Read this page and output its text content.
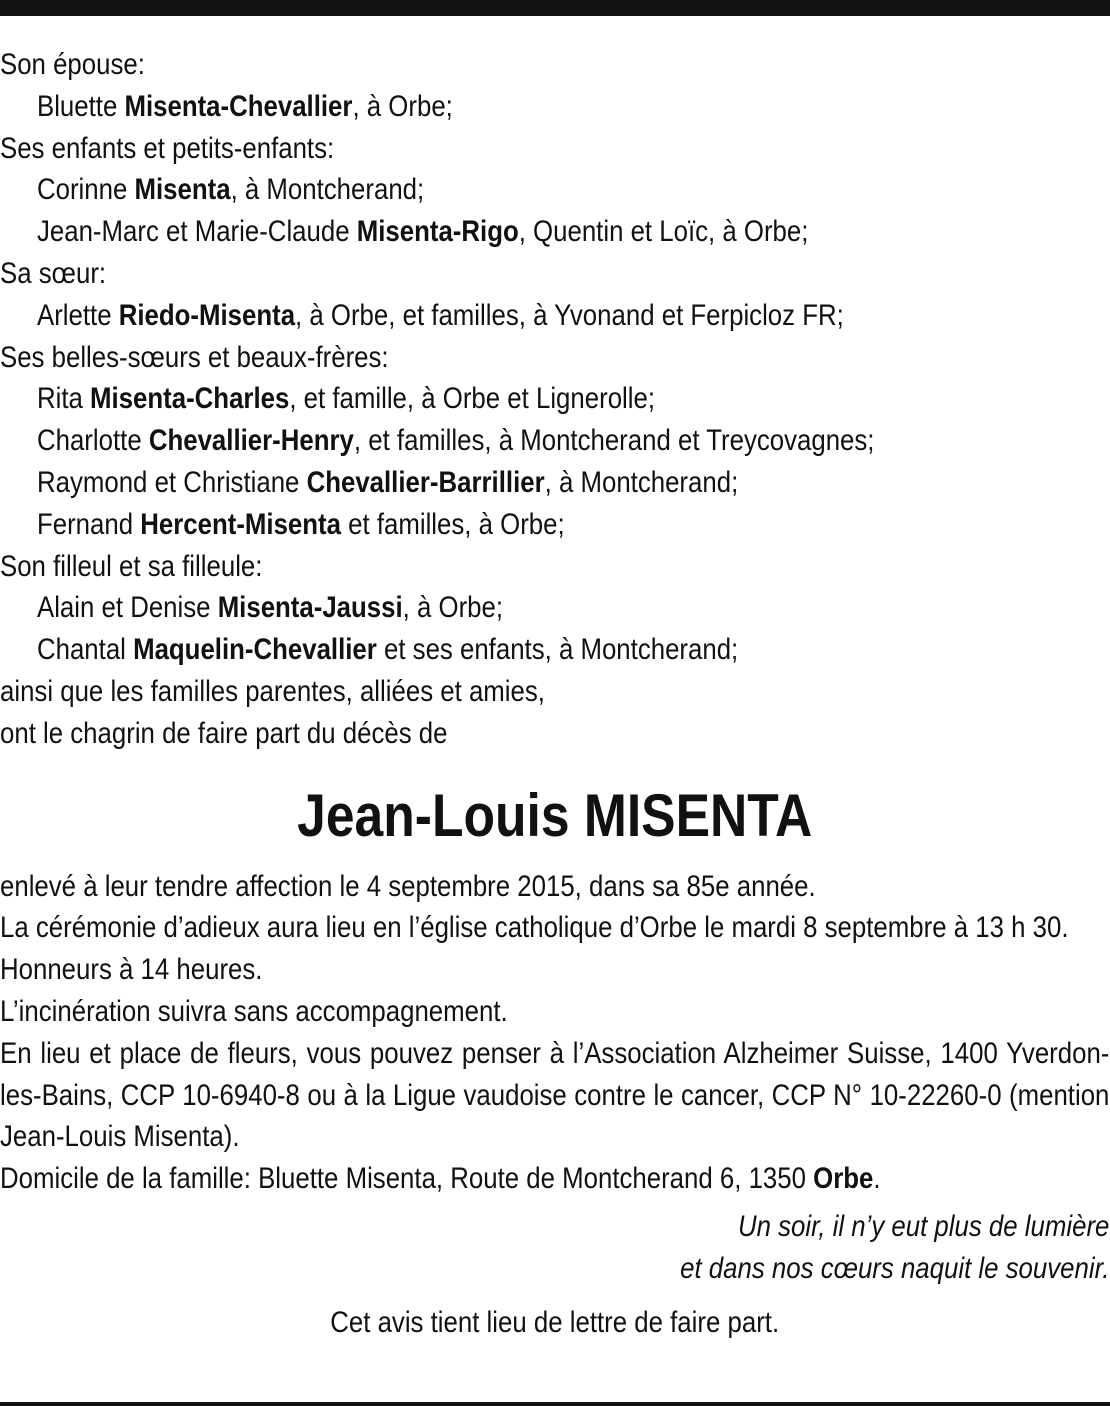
Son épouse:
Bluette Misenta-Chevallier, à Orbe;
Ses enfants et petits-enfants:
Corinne Misenta, à Montcherand;
Jean-Marc et Marie-Claude Misenta-Rigo, Quentin et Loïc, à Orbe;
Sa sœur:
Arlette Riedo-Misenta, à Orbe, et familles, à Yvonand et Ferpicloz FR;
Ses belles-sœurs et beaux-frères:
Rita Misenta-Charles, et famille, à Orbe et Lignerolle;
Charlotte Chevallier-Henry, et familles, à Montcherand et Treycovagnes;
Raymond et Christiane Chevallier-Barrillier, à Montcherand;
Fernand Hercent-Misenta et familles, à Orbe;
Son filleul et sa filleule:
Alain et Denise Misenta-Jaussi, à Orbe;
Chantal Maquelin-Chevallier et ses enfants, à Montcherand;
ainsi que les familles parentes, alliées et amies,
ont le chagrin de faire part du décès de
Jean-Louis MISENTA
enlevé à leur tendre affection le 4 septembre 2015, dans sa 85e année.
La cérémonie d’adieux aura lieu en l’église catholique d’Orbe le mardi 8 septembre à 13 h 30.
Honneurs à 14 heures.
L’incinération suivra sans accompagnement.
En lieu et place de fleurs, vous pouvez penser à l’Association Alzheimer Suisse, 1400 Yverdon-les-Bains, CCP 10-6940-8 ou à la Ligue vaudoise contre le cancer, CCP N° 10-22260-0 (mention Jean-Louis Misenta).
Domicile de la famille: Bluette Misenta, Route de Montcherand 6, 1350 Orbe.
Un soir, il n’y eut plus de lumière
et dans nos cœurs naquit le souvenir.
Cet avis tient lieu de lettre de faire part.
